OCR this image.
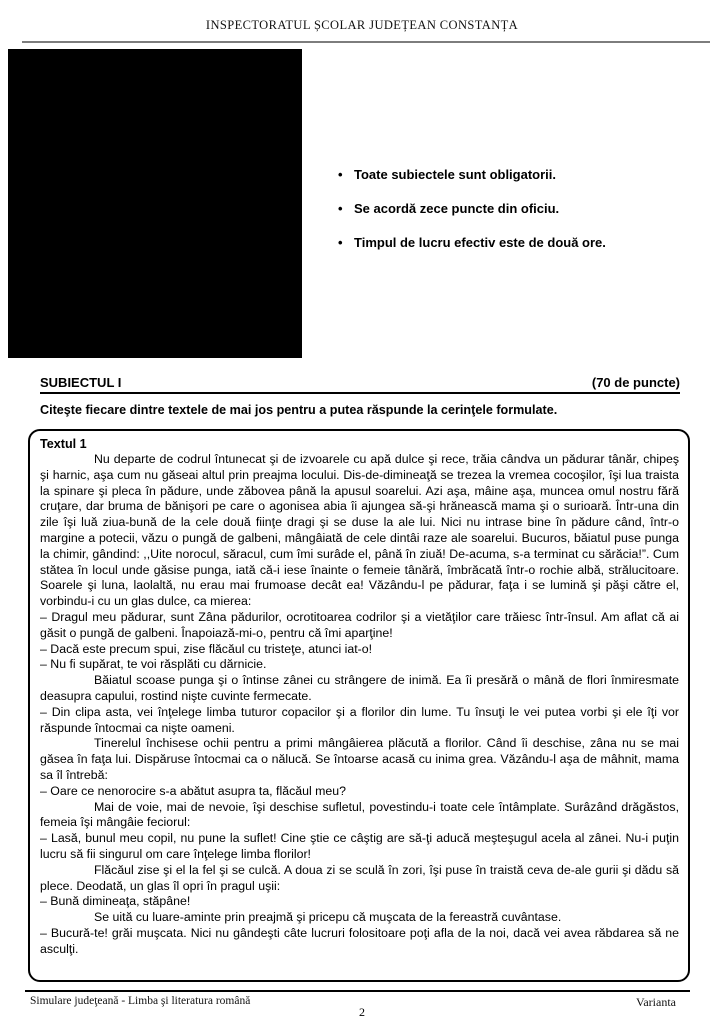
INSPECTORATUL ȘCOLAR JUDEȚEAN CONSTANȚA
• Toate subiectele sunt obligatorii.
• Se acordă zece puncte din oficiu.
• Timpul de lucru efectiv este de două ore.
SUBIECTUL I	(70 de puncte)
Citeşte fiecare dintre textele de mai jos pentru a putea răspunde la cerinţele formulate.
Textul 1

Nu departe de codrul întunecat şi de izvoarele cu apă dulce şi rece, trăia cândva un pădurar tânăr, chipeş şi harnic, aşa cum nu găseai altul prin preajma locului. Dis-de-dimineaţă se trezea la vremea cocoşilor, îşi lua traista la spinare şi pleca în pădure, unde zăbovea până la apusul soarelui. Azi aşa, mâine aşa, muncea omul nostru fără cruţare, dar bruma de bănişori pe care o agonisea abia îi ajungea să-şi hrănească mama şi o surioară. Într-una din zile îşi luă ziua-bună de la cele două fiinţe dragi şi se duse la ale lui. Nici nu intrase bine în pădure când, într-o margine a potecii, văzu o pungă de galbeni, mângâiată de cele dintâi raze ale soarelui. Bucuros, băiatul puse punga la chimir, gândind: ,,Uite norocul, săracul, cum îmi surâde el, până în ziuă! De-acuma, s-a terminat cu sărăcia!”. Cum stătea în locul unde găsise punga, iată că-i iese înainte o femeie tânără, îmbrăcată într-o rochie albă, strălucitoare. Soarele şi luna, laolaltă, nu erau mai frumoase decât ea! Văzându-l pe pădurar, faţa i se lumină şi păşi către el, vorbindu-i cu un glas dulce, ca mierea:

– Dragul meu pădurar, sunt Zâna pădurilor, ocrotitoarea codrilor şi a vietăţilor care trăiesc într-însul. Am aflat că ai găsit o pungă de galbeni. Înapoiază-mi-o, pentru că îmi aparţine!

– Dacă este precum spui, zise flăcăul cu tristeţe, atunci iat-o!

– Nu fi supărat, te voi răsplăti cu dărnicie.

Băiatul scoase punga şi o întinse zânei cu strângere de inimă. Ea îi presără o mână de flori înmiresmate deasupra capului, rostind nişte cuvinte fermecate.

– Din clipa asta, vei înţelege limba tuturor copacilor şi a florilor din lume. Tu însuţi le vei putea vorbi şi ele îţi vor răspunde întocmai ca nişte oameni.

Tinerelul închisese ochii pentru a primi mângâierea plăcută a florilor. Când îi deschise, zâna nu se mai găsea în faţa lui. Dispăruse întocmai ca o nălucă. Se întoarse acasă cu inima grea. Văzându-l aşa de mâhnit, mama sa îl întrebă:

– Oare ce nenorocire s-a abătut asupra ta, flăcăul meu?

Mai de voie, mai de nevoie, îşi deschise sufletul, povestindu-i toate cele întâmplate. Surâzând drăgăstos, femeia îşi mângâie feciorul:

– Lasă, bunul meu copil, nu pune la suflet! Cine ştie ce câştig are să-ţi aducă meşteşugul acela al zânei. Nu-i puţin lucru să fii singurul om care înţelege limba florilor!

Flăcăul zise şi el la fel şi se culcă. A doua zi se sculă în zori, îşi puse în traistă ceva de-ale gurii şi dădu să plece. Deodată, un glas îl opri în pragul uşii:

– Bună dimineaţa, stăpâne!

Se uită cu luare-aminte prin preajmă şi pricepu că muşcata de la fereastră cuvântase.

– Bucură-te! grăi muşcata. Nici nu gândeşti câte lucruri folositoare poţi afla de la noi, dacă vei avea răbdarea să ne asculţi.

Simulare judeţeană - Limba şi literatura română	Varianta
2
